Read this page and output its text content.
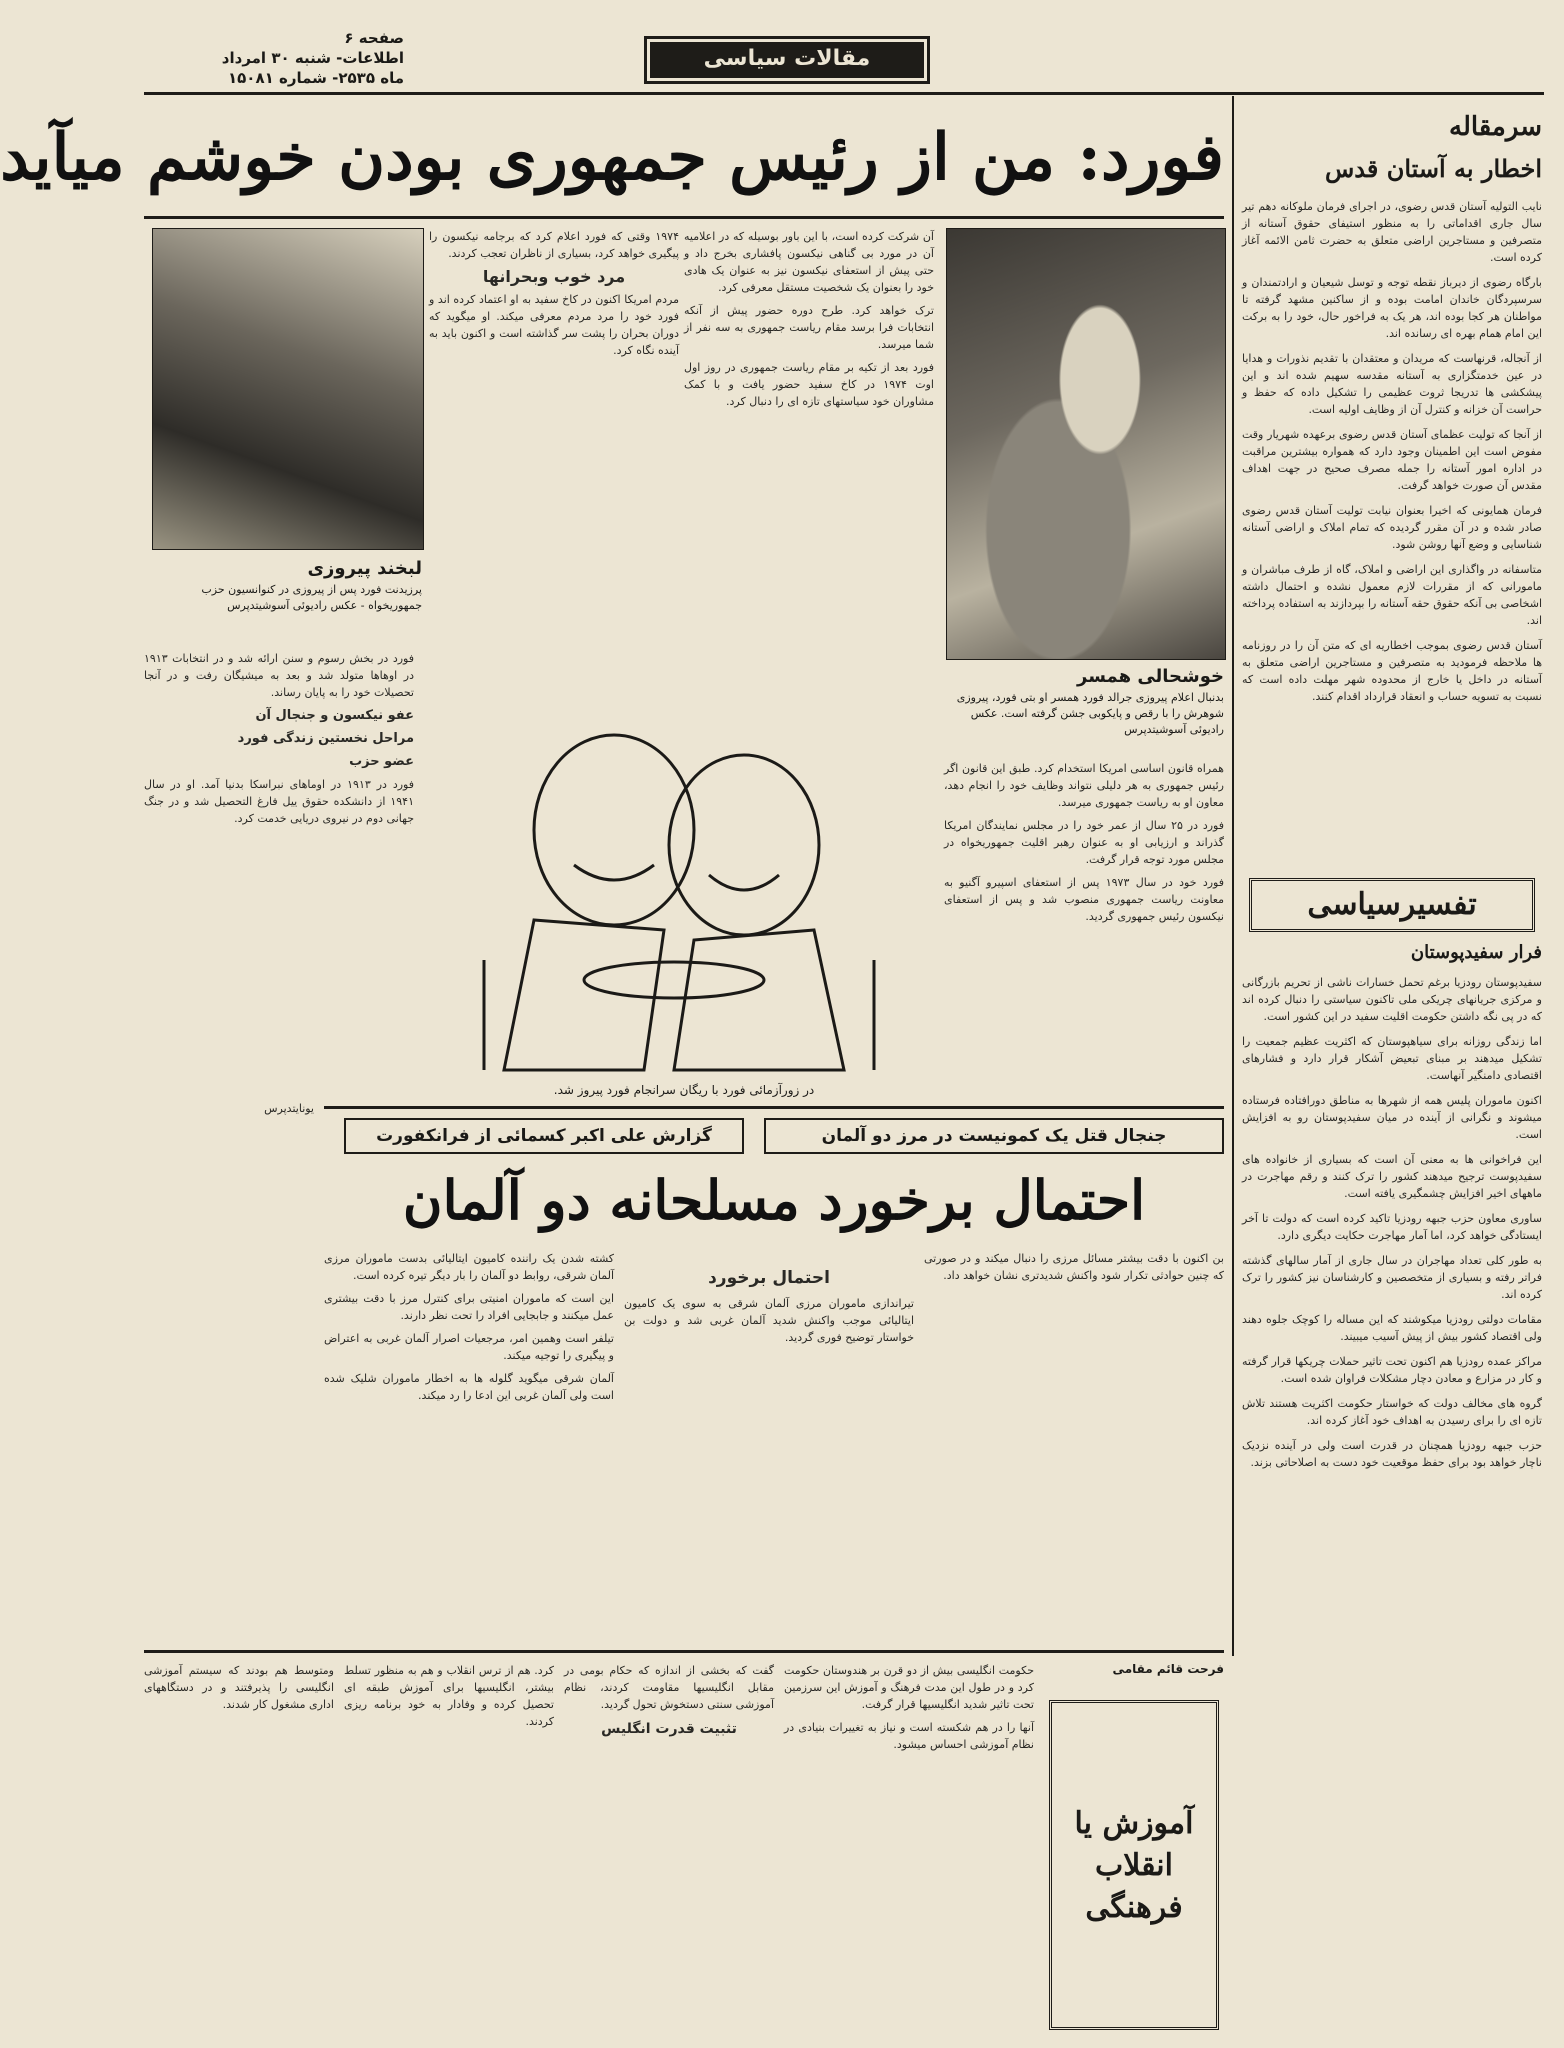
صفحه ۶
اطلاعات- شنبه ۳۰ امرداد
ماه ۲۵۳۵- شماره ۱۵۰۸۱
مقالات سیاسی
سرمقاله
اخطار به آستان قدس

نایب التولیه آستان قدس رضوی، در اجرای فرمان ملوکانه دهم تیر سال جاری اقداماتی را به منظور استیفای حقوق آستانه از متصرفین و مستاجرین اراضی متعلق به حضرت ثامن الائمه آغاز کرده است.

بارگاه رضوی از دیرباز نقطه توجه و توسل شیعیان و ارادتمندان و سرسپردگان خاندان امامت بوده و از ساکنین مشهد گرفته تا مواطنان هر کجا بوده اند، هر یک به فراخور حال، خود را به برکت این امام همام بهره ای رسانده اند.

از آنجاله، قرنهاست که مریدان و معتقدان با تقدیم نذورات و هدایا در عین خدمتگزاری به آستانه مقدسه سهیم شده اند و این پیشکشی ها تدریجا ثروت عظیمی را تشکیل داده که حفظ و حراست آن خزانه و کنترل آن از وظایف اولیه است.

از آنجا که تولیت عظمای آستان قدس رضوی برعهده شهریار وقت مفوض است این اطمینان وجود دارد که همواره بیشترین مراقبت در اداره امور آستانه را جمله مصرف صحیح در جهت اهداف مقدس آن صورت خواهد گرفت.

فرمان همایونی که اخیرا بعنوان نیابت تولیت آستان قدس رضوی صادر شده و در آن مقرر گردیده که تمام املاک و اراضی آستانه شناسایی و وضع آنها روشن شود.

متاسفانه در واگذاری این اراضی و املاک، گاه از طرف مباشران و مامورانی که از مقررات لازم معمول نشده و احتمال داشته اشخاصی بی آنکه حقوق حقه آستانه را بپردازند به استفاده پرداخته اند.

آستان قدس رضوی بموجب اخطاریه ای که متن آن را در روزنامه ها ملاحظه فرمودید به متصرفین و مستاجرین اراضی متعلق به آستانه در داخل یا خارج از محدوده شهر مهلت داده است که نسبت به تسویه حساب و انعقاد قرارداد اقدام کنند.

تفسیرسیاسی
فرار سفیدپوستان

سفیدپوستان رودزیا برغم تحمل خسارات ناشی از تحریم بازرگانی و مرکزی جریانهای چریکی ملی تاکنون سیاستی را دنبال کرده اند که در پی نگه داشتن حکومت اقلیت سفید در این کشور است.

اما زندگی روزانه برای سیاهپوستان که اکثریت عظیم جمعیت را تشکیل میدهند بر مبنای تبعیض آشکار قرار دارد و فشارهای اقتصادی دامنگیر آنهاست.

اکنون ماموران پلیس همه از شهرها به مناطق دورافتاده فرستاده میشوند و نگرانی از آینده در میان سفیدپوستان رو به افزایش است.

این فراخوانی ها به معنی آن است که بسیاری از خانواده های سفیدپوست ترجیح میدهند کشور را ترک کنند و رقم مهاجرت در ماههای اخیر افزایش چشمگیری یافته است.

ساوری معاون حزب جبهه رودزیا تاکید کرده است که دولت تا آخر ایستادگی خواهد کرد، اما آمار مهاجرت حکایت دیگری دارد.

به طور کلی تعداد مهاجران در سال جاری از آمار سالهای گذشته فراتر رفته و بسیاری از متخصصین و کارشناسان نیز کشور را ترک کرده اند.

مقامات دولتی رودزیا میکوشند که این مساله را کوچک جلوه دهند ولی اقتصاد کشور بیش از پیش آسیب میبیند.

مراکز عمده رودزیا هم اکنون تحت تاثیر حملات چریکها قرار گرفته و کار در مزارع و معادن دچار مشکلات فراوان شده است.

گروه های مخالف دولت که خواستار حکومت اکثریت هستند تلاش تازه ای را برای رسیدن به اهداف خود آغاز کرده اند.

حزب جبهه رودزیا همچنان در قدرت است ولی در آینده نزدیک ناچار خواهد بود برای حفظ موقعیت خود دست به اصلاحاتی بزند.

فورد: من از رئیس جمهوری بودن خوشم میآید
خوشحالی همسر
بدنبال اعلام پیروزی جرالد فورد همسر او بتی فورد، پیروزی شوهرش را با رقص و پایکوبی جشن گرفته است. عکس رادیوئی آسوشیتدپرس
لبخند پیروزی
پرزیدنت فورد پس از پیروزی در کنوانسیون حزب جمهوریخواه - عکس رادیوئی آسوشیتدپرس

آن شرکت کرده است، با این باور بوسیله که در اعلامیه آن در مورد بی گناهی نیکسون پافشاری بخرج داد و حتی پیش از استعفای نیکسون نیز به عنوان یک هادی خود را بعنوان یک شخصیت مستقل معرفی کرد.

ترک خواهد کرد. طرح دوره حضور پیش از آنکه انتخابات فرا برسد مقام ریاست جمهوری به سه نفر از شما میرسد.

فورد بعد از تکیه بر مقام ریاست جمهوری در روز اول اوت ۱۹۷۴ در کاخ سفید حضور یافت و با کمک مشاوران خود سیاستهای تازه ای را دنبال کرد.

۱۹۷۴ وقتی که فورد اعلام کرد که برجامه نیکسون را پیگیری خواهد کرد، بسیاری از ناظران تعجب کردند.

مرد خوب وبحرانها

مردم امریکا اکنون در کاخ سفید به او اعتماد کرده اند و فورد خود را مرد مردم معرفی میکند. او میگوید که دوران بحران را پشت سر گذاشته است و اکنون باید به آینده نگاه کرد.

در زورآزمائی فورد با ریگان سرانجام فورد پیروز شد.

فورد در بخش رسوم و سنن ارائه شد و در انتخابات ۱۹۱۳ در اوهاها متولد شد و بعد به میشیگان رفت و در آنجا تحصیلات خود را به پایان رساند.

عفو نیکسون و جنجال آن

مراحل نخستین زندگی فورد

عضو حزب

فورد در ۱۹۱۳ در اوماهای نبراسکا بدنیا آمد. او در سال ۱۹۴۱ از دانشکده حقوق ییل فارغ التحصیل شد و در جنگ جهانی دوم در نیروی دریایی خدمت کرد.

همراه قانون اساسی امریکا استخدام کرد. طبق این قانون اگر رئیس جمهوری به هر دلیلی نتواند وظایف خود را انجام دهد، معاون او به ریاست جمهوری میرسد.

فورد در ۲۵ سال از عمر خود را در مجلس نمایندگان امریکا گذراند و ارزیابی او به عنوان رهبر اقلیت جمهوریخواه در مجلس مورد توجه قرار گرفت.

فورد خود در سال ۱۹۷۳ پس از استعفای اسپیرو آگنیو به معاونت ریاست جمهوری منصوب شد و پس از استعفای نیکسون رئیس جمهوری گردید.

گزارش علی اکبر کسمائی از فرانکفورت	جنجال قتل یک کمونیست در مرز دو آلمان
احتمال برخورد مسلحانه دو آلمان

کشته شدن یک راننده کامیون ایتالیائی بدست ماموران مرزی آلمان شرقی، روابط دو آلمان را بار دیگر تیره کرده است.

این است که ماموران امنیتی برای کنترل مرز با دقت بیشتری عمل میکنند و جابجایی افراد را تحت نظر دارند.

تیلفر است وهمین امر، مرجعیات اصرار آلمان غربی به اعتراض و پیگیری را توجیه میکند.

آلمان شرقی میگوید گلوله ها به اخطار ماموران شلیک شده است ولی آلمان غربی این ادعا را رد میکند.

احتمال برخورد

تیراندازی ماموران مرزی آلمان شرقی به سوی یک کامیون ایتالیائی موجب واکنش شدید آلمان غربی شد و دولت بن خواستار توضیح فوری گردید.

بن اکنون با دقت بیشتر مسائل مرزی را دنبال میکند و در صورتی که چنین حوادثی تکرار شود واکنش شدیدتری نشان خواهد داد.

یونایتدپرس

فرحت قائم مقامی
آموزش یا انقلاب فرهنگی

ومتوسط هم بودند که سیستم آموزشی انگلیسی را پذیرفتند و در دستگاههای اداری مشغول کار شدند.

کرد. هم از ترس انقلاب و هم به منظور تسلط بیشتر، انگلیسیها برای آموزش طبقه ای تحصیل کرده و وفادار به خود برنامه ریزی کردند.

گفت که بخشی از اندازه که حکام بومی در مقابل انگلیسیها مقاومت کردند، نظام آموزشی سنتی دستخوش تحول گردید.

تثبیت قدرت انگلیس

حکومت انگلیسی بیش از دو قرن بر هندوستان حکومت کرد و در طول این مدت فرهنگ و آموزش این سرزمین تحت تاثیر شدید انگلیسیها قرار گرفت.

آنها را در هم شکسته است و نیاز به تغییرات بنیادی در نظام آموزشی احساس میشود.
